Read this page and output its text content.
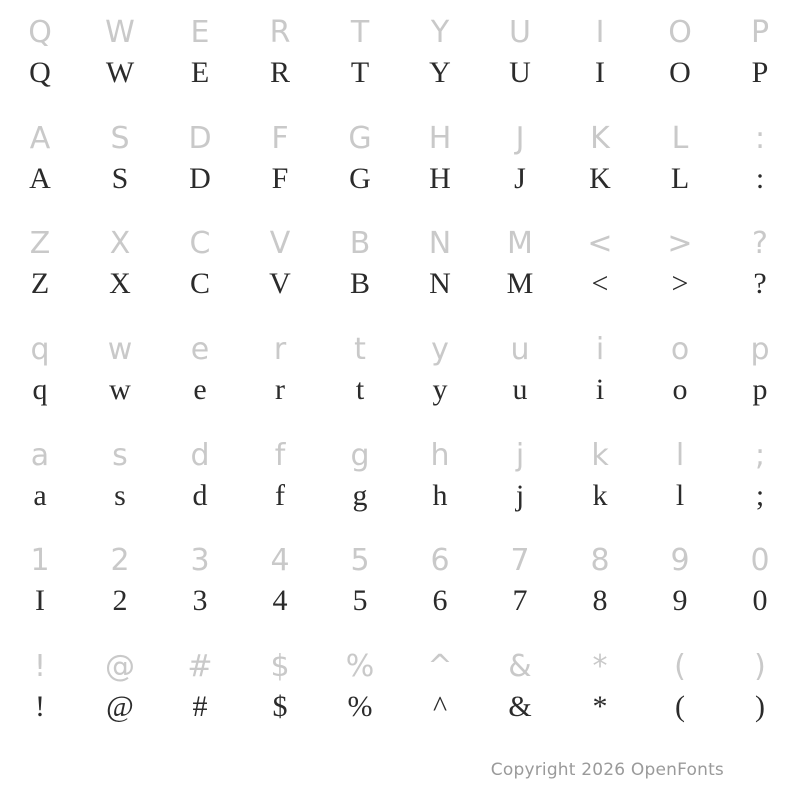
Q	W	E	R	T	Y	U	I	O	P
Q	W	E	R	T	Y	U	I	O	P
A	S	D	F	G	H	J	K	L	:
A	S	D	F	G	H	J	K	L	:
Z	X	C	V	B	N	M	<	>	?
Z	X	C	V	B	N	M	<	>	?
q	w	e	r	t	y	u	i	o	p
q	w	e	r	t	y	u	i	o	p
a	s	d	f	g	h	j	k	l	;
a	s	d	f	g	h	j	k	l	;
1	2	3	4	5	6	7	8	9	0
I	2	3	4	5	6	7	8	9	0
!	@	#	$	%	^	&	*	(	)
!	@	#	$	%	^	&	*	(	)
Copyright 2026 OpenFonts
